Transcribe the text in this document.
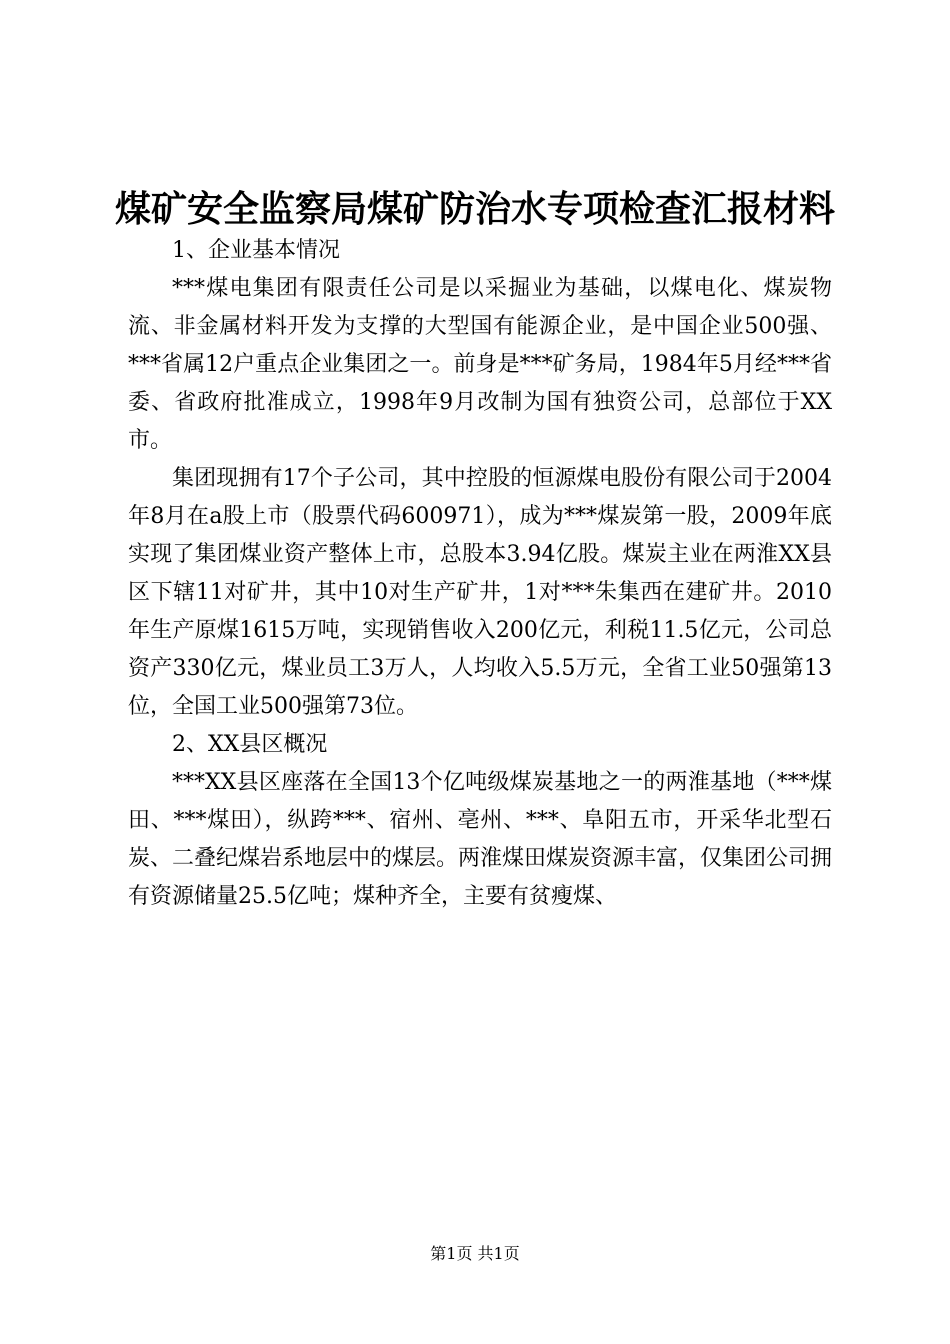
煤矿安全监察局煤矿防治水专项检查汇报材料

1、企业基本情况

***煤电集团有限责任公司是以采掘业为基础，以煤电化、煤炭物流、非金属材料开发为支撑的大型国有能源企业，是中国企业500强、***省属12户重点企业集团之一。前身是***矿务局，1984年5月经***省委、省政府批准成立，1998年9月改制为国有独资公司，总部位于XX市。

集团现拥有17个子公司，其中控股的恒源煤电股份有限公司于2004年8月在a股上市（股票代码600971），成为***煤炭第一股，2009年底实现了集团煤业资产整体上市，总股本3.94亿股。煤炭主业在两淮XX县区下辖11对矿井，其中10对生产矿井，1对***朱集西在建矿井。2010年生产原煤1615万吨，实现销售收入200亿元，利税11.5亿元，公司总资产330亿元，煤业员工3万人，人均收入5.5万元，全省工业50强第13位，全国工业500强第73位。

2、XX县区概况

***XX县区座落在全国13个亿吨级煤炭基地之一的两淮基地（***煤田、***煤田），纵跨***、宿州、亳州、***、阜阳五市，开采华北型石炭、二叠纪煤岩系地层中的煤层。两淮煤田煤炭资源丰富，仅集团公司拥有资源储量25.5亿吨；煤种齐全，主要有贫瘦煤、

第1页 共1页
